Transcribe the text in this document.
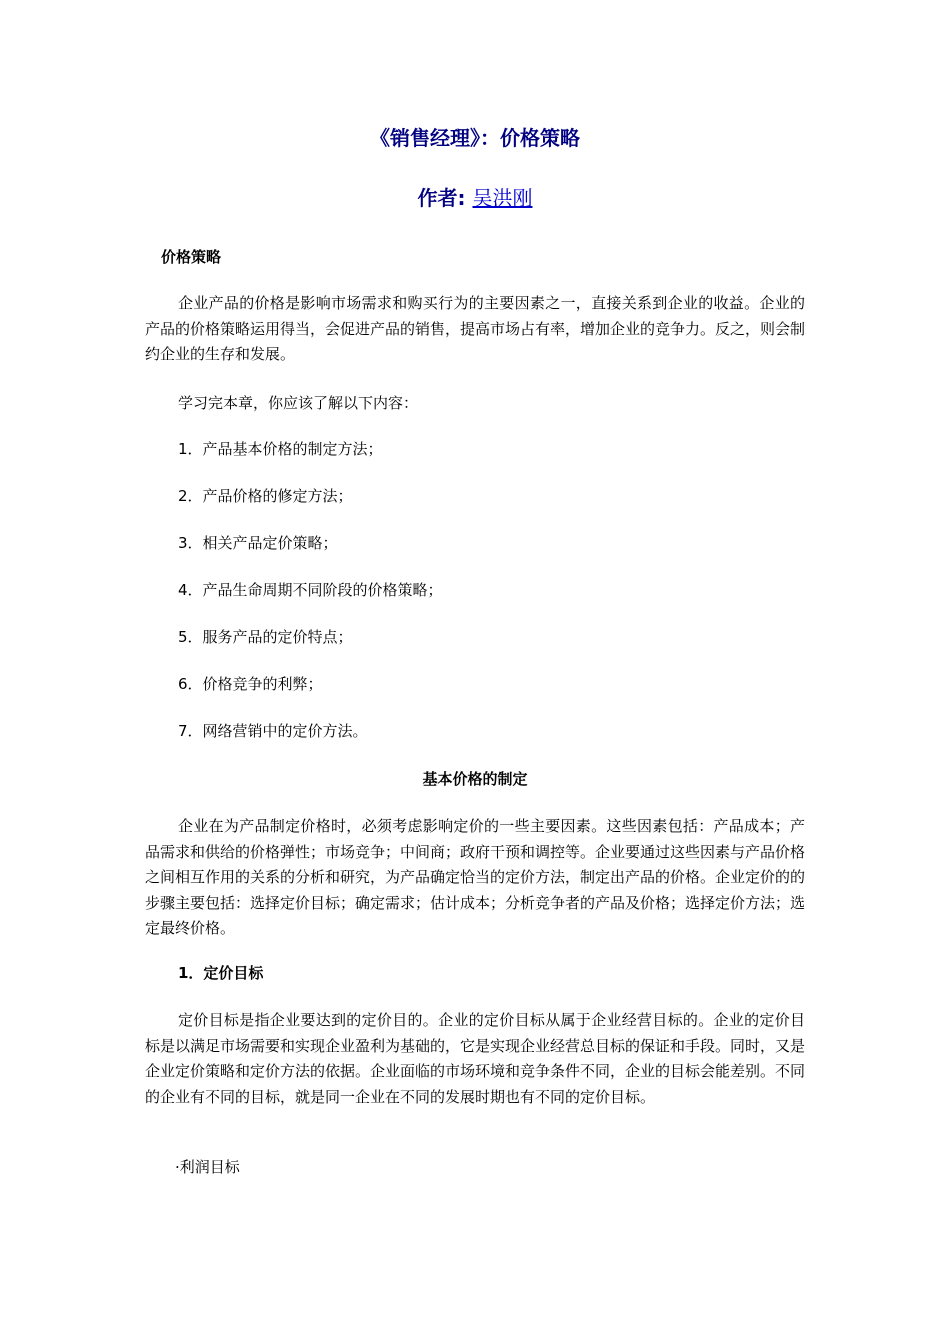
《销售经理》：价格策略
作者: 吴洪刚
价格策略
企业产品的价格是影响市场需求和购买行为的主要因素之一，直接关系到企业的收益。企业的产品的价格策略运用得当，会促进产品的销售，提高市场占有率，增加企业的竞争力。反之，则会制约企业的生存和发展。
学习完本章，你应该了解以下内容：
1．产品基本价格的制定方法；
2．产品价格的修定方法；
3．相关产品定价策略；
4．产品生命周期不同阶段的价格策略；
5．服务产品的定价特点；
6．价格竞争的利弊；
7．网络营销中的定价方法。
基本价格的制定
企业在为产品制定价格时，必须考虑影响定价的一些主要因素。这些因素包括：产品成本；产品需求和供给的价格弹性；市场竞争；中间商；政府干预和调控等。企业要通过这些因素与产品价格之间相互作用的关系的分析和研究，为产品确定恰当的定价方法，制定出产品的价格。企业定价的的步骤主要包括：选择定价目标；确定需求；估计成本；分析竞争者的产品及价格；选择定价方法；选定最终价格。
1．定价目标
定价目标是指企业要达到的定价目的。企业的定价目标从属于企业经营目标的。企业的定价目标是以满足市场需要和实现企业盈利为基础的，它是实现企业经营总目标的保证和手段。同时，又是企业定价策略和定价方法的依据。企业面临的市场环境和竞争条件不同，企业的目标会能差别。不同的企业有不同的目标，就是同一企业在不同的发展时期也有不同的定价目标。
·利润目标
